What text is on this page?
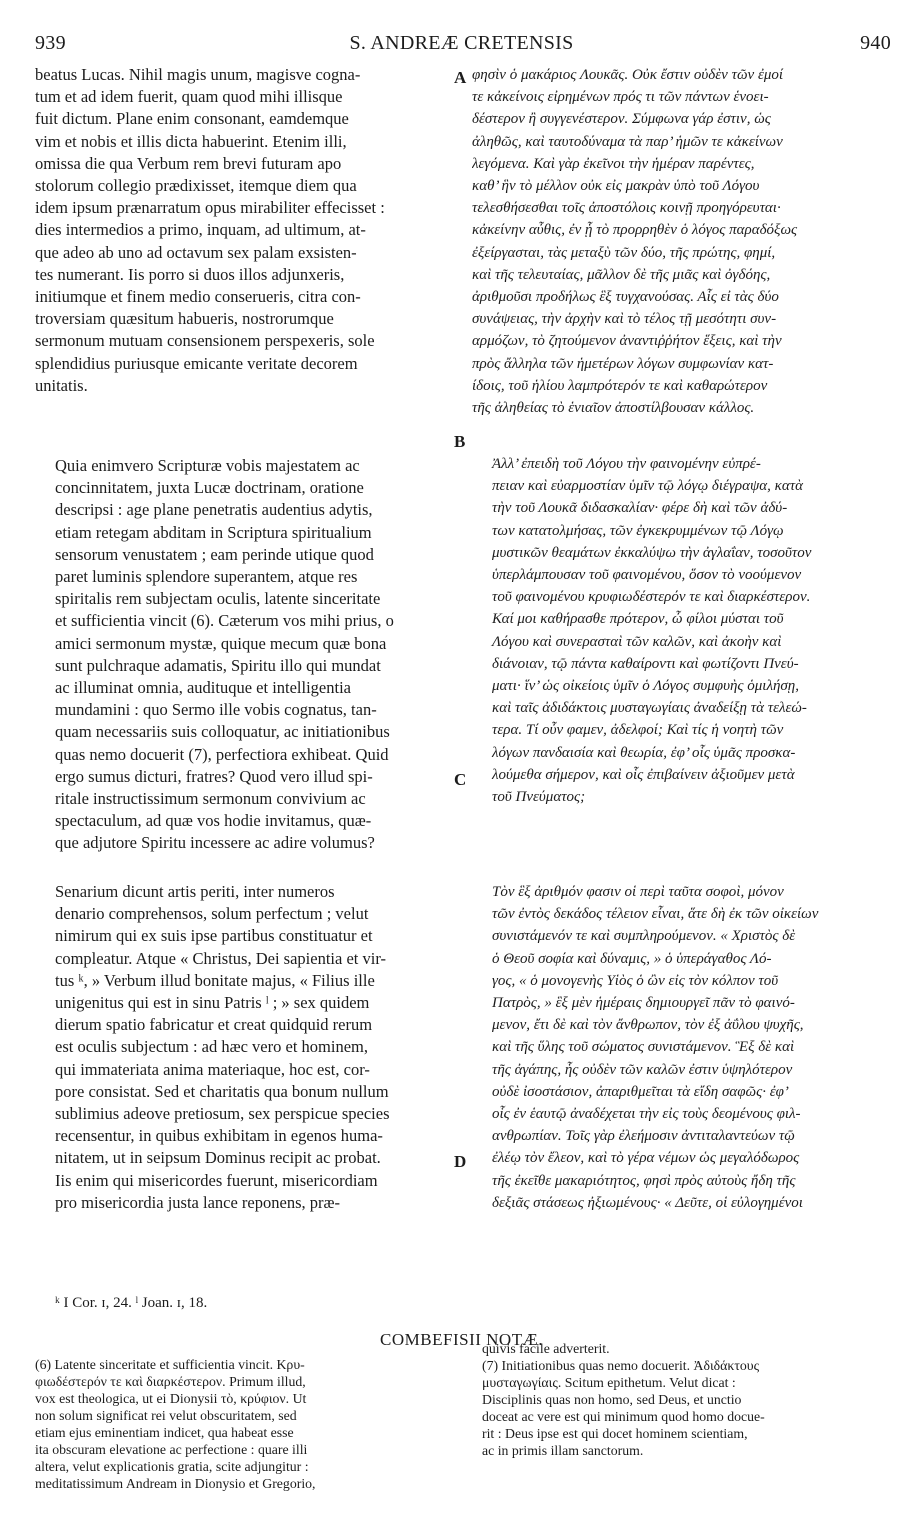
939	S. ANDREÆ CRETENSIS	940
beatus Lucas. Nihil magis unum, magisve cogna-
tum et ad idem fuerit, quam quod mihi illisque
fuit dictum. Plane enim consonant, eamdemque
vim et nobis et illis dicta habuerint. Etenim illi,
omissa die qua Verbum rem brevi futuram apo
stolorum collegio prædixisset, itemque diem qua
idem ipsum prænarratum opus mirabiliter effecisset :
dies intermedios a primo, inquam, ad ultimum, at-
que adeo ab uno ad octavum sex palam exsisten-
tes numerant. Iis porro si duos illos adjunxeris,
initiumque et finem medio conserueris, citra con-
troversiam quæsitum habueris, nostrorumque
sermonum mutuam consensionem perspexeris, sole
splendidius puriusque emicante veritate decorem
unitatis.
Quia enimvero Scripturæ vobis majestatem ac
concinnitatem, juxta Lucæ doctrinam, oratione
descripsi : age plane penetratis audentius adytis,
etiam retegam abditam in Scriptura spiritualium
sensorum venustatem ; eam perinde utique quod
paret luminis splendore superantem, atque res
spiritalis rem subjectam oculis, latente sinceritate
et sufficientia vincit (6). Cæterum vos mihi prius, o
amici sermonum mystæ, quique mecum quæ bona
sunt pulchraque adamatis, Spiritu illo qui mundat
ac illuminat omnia, audituque et intelligentia
mundamini : quo Sermo ille vobis cognatus, tan-
quam necessariis suis colloquatur, ac initiationibus
quas nemo docuerit (7), perfectiora exhibeat. Quid
ergo sumus dicturi, fratres? Quod vero illud spi-
ritale instructissimum sermonum convivium ac
spectaculum, ad quæ vos hodie invitamus, quæ-
que adjutore Spiritu incessere ac adire volumus?
Senarium dicunt artis periti, inter numeros
denario comprehensos, solum perfectum ; velut
nimirum qui ex suis ipse partibus constituatur et
compleatur. Atque « Christus, Dei sapientia et vir-
tus ᵏ, » Verbum illud bonitate majus, « Filius ille
unigenitus qui est in sinu Patris ˡ ; » sex quidem
dierum spatio fabricatur et creat quidquid rerum
est oculis subjectum : ad hæc vero et hominem,
qui immateriata anima materiaque, hoc est, cor-
pore consistat. Sed et charitatis qua bonum nullum
sublimius adeove pretiosum, sex perspicue species
recensentur, in quibus exhibitam in egenos huma-
nitatem, ut in seipsum Dominus recipit ac probat.
Iis enim qui misericordes fuerunt, misericordiam
pro misericordia justa lance reponens, præ-
φησὶν ὁ μακάριος Λουκᾶς. Οὐκ ἔστιν οὐδὲν τῶν ἐμοί
τε κἀκείνοις εἰρημένων πρός τι τῶν πάντων ἑνοει-
δέστερον ἢ συγγενέστερον. Σύμφωνα γάρ ἐστιν, ὡς
ἀληθῶς, καὶ ταυτοδύναμα τὰ παρ’ ἡμῶν τε κἀκείνων
λεγόμενα. Καὶ γὰρ ἐκεῖνοι τὴν ἡμέραν παρέντες,
καθ’ ἣν τὸ μέλλον οὐκ εἰς μακρὰν ὑπὸ τοῦ Λόγου
τελεσθήσεσθαι τοῖς ἀποστόλοις κοινῇ προηγόρευται·
κἀκείνην αὖθις, ἐν ᾗ τὸ προρρηθὲν ὁ λόγος παραδόξως
ἐξείργασται, τὰς μεταξὺ τῶν δύο, τῆς πρώτης, φημί,
καὶ τῆς τελευταίας, μᾶλλον δὲ τῆς μιᾶς καὶ ὀγδόης,
ἀριθμοῦσι προδήλως ἓξ τυγχανούσας. Αἷς εἰ τὰς δύο
συνάψειας, τὴν ἀρχὴν καὶ τὸ τέλος τῇ μεσότητι συν-
αρμόζων, τὸ ζητούμενον ἀναντιῤῥήτον ἕξεις, καὶ τὴν
πρὸς ἄλληλα τῶν ἡμετέρων λόγων συμφωνίαν κατ-
ίδοις, τοῦ ἡλίου λαμπρότερόν τε καὶ καθαρώτερον
τῆς ἀληθείας τὸ ἑνιαῖον ἀποστίλβουσαν κάλλος.
Ἀλλ’ ἐπειδὴ τοῦ Λόγου τὴν φαινομένην εὐπρέ-
πειαν καὶ εὐαρμοστίαν ὑμῖν τῷ λόγῳ διέγραψα, κατὰ
τὴν τοῦ Λουκᾶ διδασκαλίαν· φέρε δὴ καὶ τῶν ἀδύ-
των κατατολμήσας, τῶν ἐγκεκρυμμένων τῷ Λόγῳ
μυστικῶν θεαμάτων ἐκκαλύψω τὴν ἀγλαΐαν, τοσοῦτον
ὑπερλάμπουσαν τοῦ φαινομένου, ὅσον τὸ νοούμενον
τοῦ φαινομένου κρυφιωδέστερόν τε καὶ διαρκέστερον.
Καί μοι καθήρασθε πρότερον, ὦ φίλοι μύσται τοῦ
Λόγου καὶ συνερασταὶ τῶν καλῶν, καὶ ἀκοὴν καὶ
διάνοιαν, τῷ πάντα καθαίροντι καὶ φωτίζοντι Πνεύ-
ματι· ἵν’ ὡς οἰκείοις ὑμῖν ὁ Λόγος συμφυὴς ὁμιλήσῃ,
καὶ ταῖς ἀδιδάκτοις μυσταγωγίαις ἀναδείξῃ τὰ τελεώ-
τερα. Τί οὖν φαμεν, ἀδελφοί; Καὶ τίς ἡ νοητὴ τῶν
λόγων πανδαισία καὶ θεωρία, ἐφ’ οἷς ὑμᾶς προσκα-
λούμεθα σήμερον, καὶ οἷς ἐπιβαίνειν ἀξιοῦμεν μετὰ
τοῦ Πνεύματος;
Τὸν ἓξ ἀριθμόν φασιν οἱ περὶ ταῦτα σοφοὶ, μόνον
τῶν ἐντὸς δεκάδος τέλειον εἶναι, ἅτε δὴ ἐκ τῶν οἰκείων
συνιστάμενόν τε καὶ συμπληρούμενον. « Χριστὸς δὲ
ὁ Θεοῦ σοφία καὶ δύναμις, » ὁ ὑπεράγαθος Λό-
γος, « ὁ μονογενὴς Υἱὸς ὁ ὢν εἰς τὸν κόλπον τοῦ
Πατρὸς, » ἓξ μὲν ἡμέραις δημιουργεῖ πᾶν τὸ φαινό-
μενον, ἔτι δὲ καὶ τὸν ἄνθρωπον, τὸν ἐξ ἀΰλου ψυχῆς,
καὶ τῆς ὕλης τοῦ σώματος συνιστάμενον. Ἓξ δὲ καὶ
τῆς ἀγάπης, ἧς οὐδὲν τῶν καλῶν ἐστιν ὑψηλότερον
οὐδὲ ἰσοστάσιον, ἀπαριθμεῖται τὰ εἴδη σαφῶς· ἐφ’
οἷς ἐν ἑαυτῷ ἀναδέχεται τὴν εἰς τοὺς δεομένους φιλ-
ανθρωπίαν. Τοῖς γὰρ ἐλεήμοσιν ἀντιταλαντεύων τῷ
ἐλέῳ τὸν ἔλεον, καὶ τὸ γέρα νέμων ὡς μεγαλόδωρος
τῆς ἐκεῖθε μακαριότητος, φησὶ πρὸς αὐτοὺς ἤδη τῆς
δεξιᾶς στάσεως ἠξιωμένους· « Δεῦτε, οἱ εὐλογημένοι
A
B
C
D
ᵏ I Cor. ɪ, 24. ˡ Joan. ɪ, 18.
COMBEFISII NOTÆ.
(6) Latente sinceritate et sufficientia vincit. Κρυ-
φιωδέστερόν τε καὶ διαρκέστερον. Primum illud,
vox est theologica, ut ei Dionysii τὸ, κρύφιον. Ut
non solum significat rei velut obscuritatem, sed
etiam ejus eminentiam indicet, qua habeat esse
ita obscuram elevatione ac perfectione : quare illi
altera, velut explicationis gratia, scite adjungitur :
meditatissimum Andream in Dionysio et Gregorio,
quivis facile adverterit.
(7) Initiationibus quas nemo docuerit. Ἀδιδάκτους
μυσταγωγίαις. Scitum epithetum. Velut dicat :
Disciplinis quas non homo, sed Deus, et unctio
doceat ac vere est qui minimum quod homo docue-
rit : Deus ipse est qui docet hominem scientiam,
ac in primis illam sanctorum.
